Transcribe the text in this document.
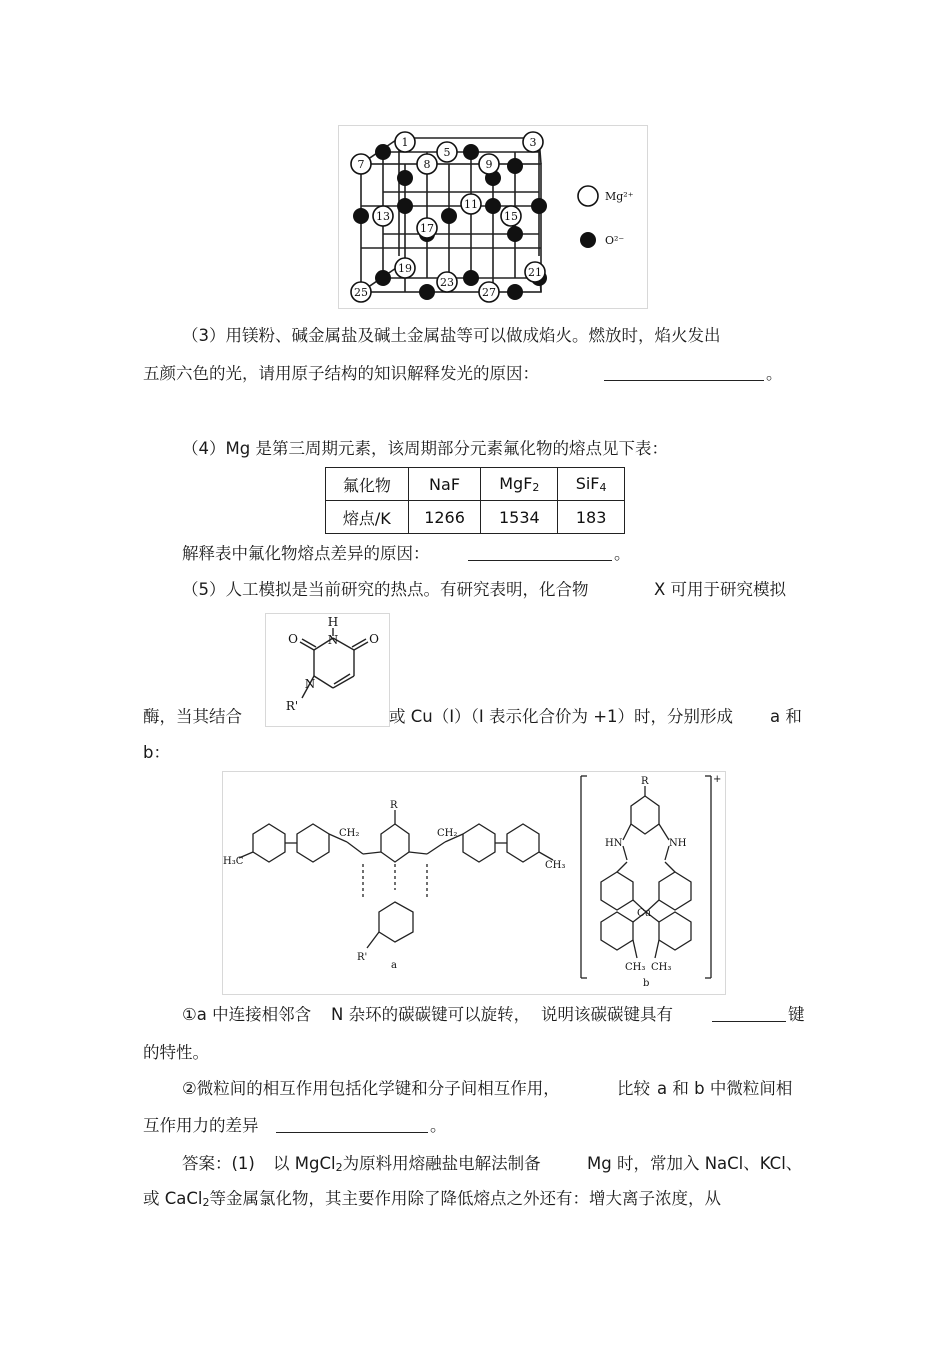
1	3
5
7	8	9
11
13	15
17
19	21
23
25	27
Mg²⁺
O²⁻
（3）用镁粉、碱金属盐及碱土金属盐等可以做成焰火。燃放时，焰火发出
五颜六色的光，请用原子结构的知识解释发光的原因：	。
（4）Mg 是第三周期元素，该周期部分元素氟化物的熔点见下表：
氟化物	NaF	MgF$_2$	SiF$_4$
熔点/K	1266	1534	183
解释表中氟化物熔点差异的原因：	。
（5）人工模拟是当前研究的热点。有研究表明，化合物	X 可用于研究模拟
H
N
O	O
N
R'
酶，当其结合	或 Cu（I）（I 表示化合价为 +1）时，分别形成 a 和
b：
H₃C
CH₂
R
CH₂
CH₃
R'
a
R
HN	NH
Cu
CH₃ CH₃
b
+
①a 中连接相邻含 N 杂环的碳碳键可以旋转， 说明该碳碳键具有	键
的特性。
②微粒间的相互作用包括化学键和分子间相互作用，	比较 a 和 b 中微粒间相
互作用力的差异	。
答案：(1) 以 MgCl$_2$为原料用熔融盐电解法制备	Mg 时，常加入 NaCl、KCl、
或 CaCl$_2$等金属氯化物，其主要作用除了降低熔点之外还有：增大离子浓度，从
